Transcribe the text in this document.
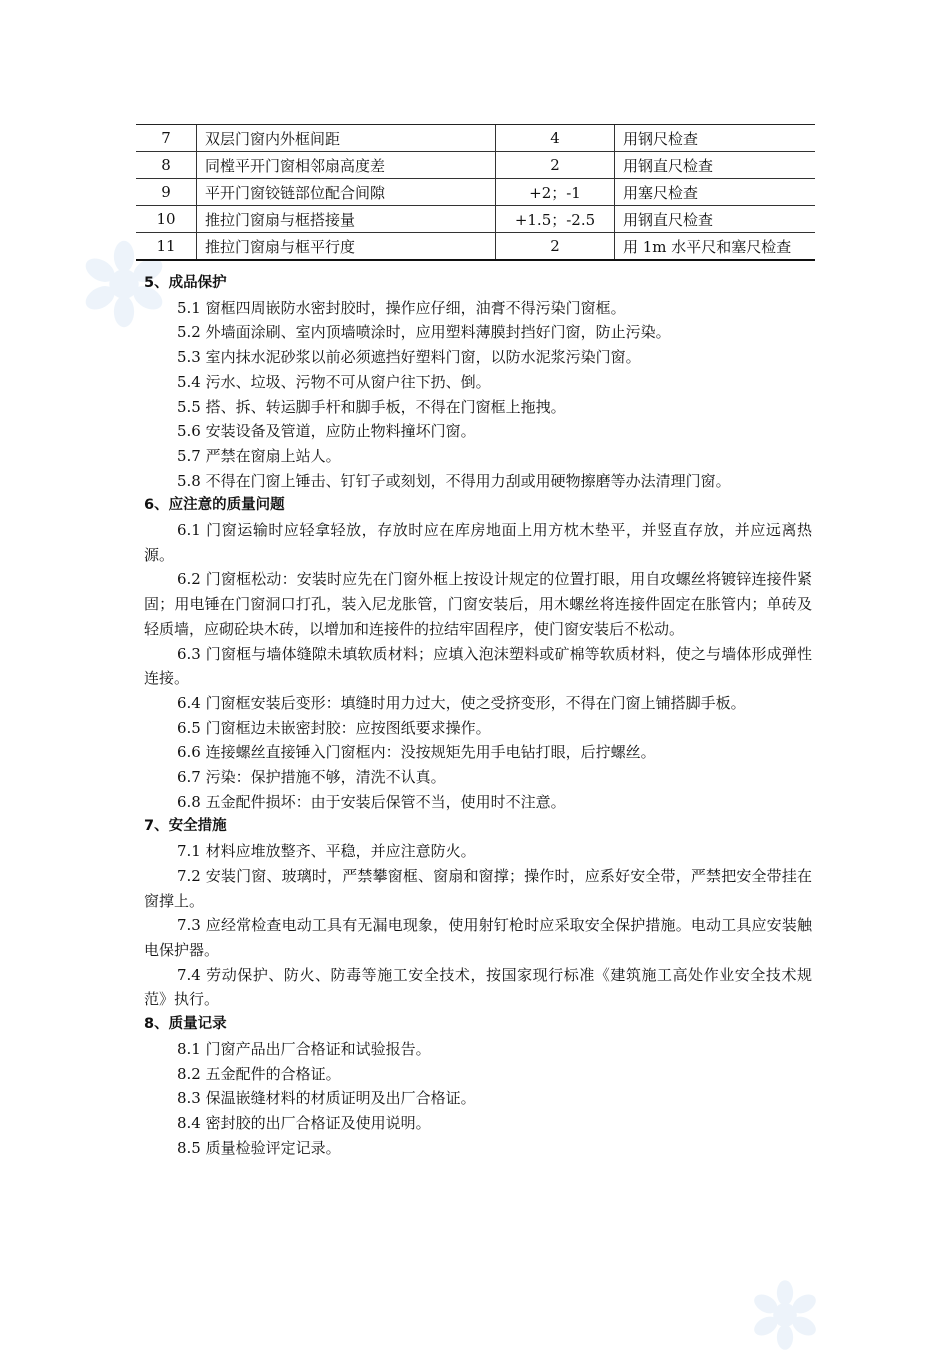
7	双层门窗内外框间距	4	用钢尺检查
8	同樘平开门窗相邻扇高度差	2	用钢直尺检查
9	平开门窗铰链部位配合间隙	+2；-1	用塞尺检查
10	推拉门窗扇与框搭接量	+1.5；-2.5	用钢直尺检查
11	推拉门窗扇与框平行度	2	用 1m 水平尺和塞尺检查

5、成品保护

5.1 窗框四周嵌防水密封胶时，操作应仔细，油膏不得污染门窗框。

5.2 外墙面涂刷、室内顶墙喷涂时，应用塑料薄膜封挡好门窗，防止污染。

5.3 室内抹水泥砂浆以前必须遮挡好塑料门窗，以防水泥浆污染门窗。

5.4 污水、垃圾、污物不可从窗户往下扔、倒。

5.5 搭、拆、转运脚手杆和脚手板，不得在门窗框上拖拽。

5.6 安装设备及管道，应防止物料撞坏门窗。

5.7 严禁在窗扇上站人。

5.8 不得在门窗上锤击、钉钉子或刻划，不得用力刮或用硬物擦磨等办法清理门窗。

6、应注意的质量问题

6.1 门窗运输时应轻拿轻放，存放时应在库房地面上用方枕木垫平，并竖直存放，并应远离热源。

6.2 门窗框松动：安装时应先在门窗外框上按设计规定的位置打眼，用自攻螺丝将镀锌连接件紧固；用电锤在门窗洞口打孔，装入尼龙胀管，门窗安装后，用木螺丝将连接件固定在胀管内；单砖及轻质墙，应砌砼块木砖，以增加和连接件的拉结牢固程序，使门窗安装后不松动。

6.3 门窗框与墙体缝隙未填软质材料；应填入泡沫塑料或矿棉等软质材料，使之与墙体形成弹性连接。

6.4 门窗框安装后变形：填缝时用力过大，使之受挤变形，不得在门窗上铺搭脚手板。

6.5 门窗框边未嵌密封胶：应按图纸要求操作。

6.6 连接螺丝直接锤入门窗框内：没按规矩先用手电钻打眼，后拧螺丝。

6.7 污染：保护措施不够，清洗不认真。

6.8 五金配件损坏：由于安装后保管不当，使用时不注意。

7、安全措施

7.1 材料应堆放整齐、平稳，并应注意防火。

7.2 安装门窗、玻璃时，严禁攀窗框、窗扇和窗撑；操作时，应系好安全带，严禁把安全带挂在窗撑上。

7.3 应经常检查电动工具有无漏电现象，使用射钉枪时应采取安全保护措施。电动工具应安装触电保护器。

7.4 劳动保护、防火、防毒等施工安全技术，按国家现行标准《建筑施工高处作业安全技术规范》执行。

8、质量记录

8.1 门窗产品出厂合格证和试验报告。

8.2 五金配件的合格证。

8.3 保温嵌缝材料的材质证明及出厂合格证。

8.4 密封胶的出厂合格证及使用说明。

8.5 质量检验评定记录。
